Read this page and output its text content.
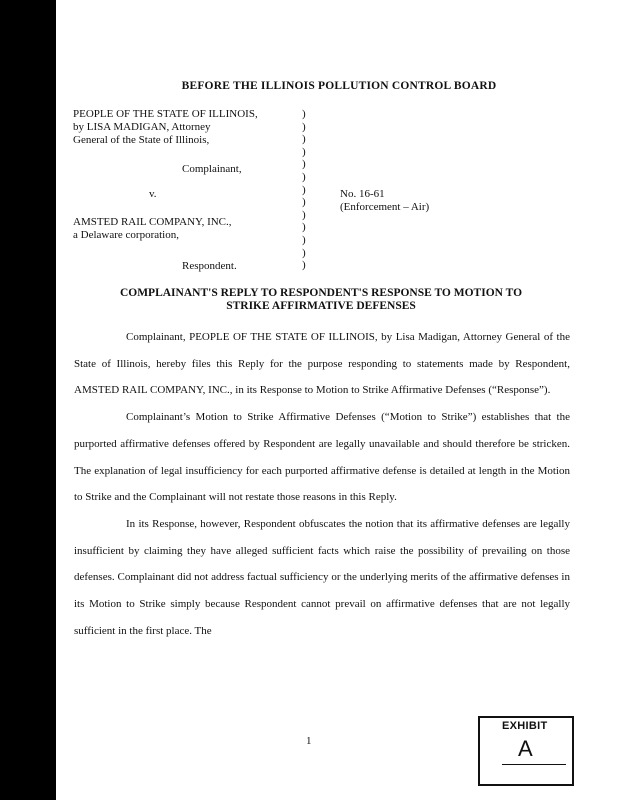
BEFORE THE ILLINOIS POLLUTION CONTROL BOARD
PEOPLE OF THE STATE OF ILLINOIS,
by LISA MADIGAN, Attorney
General of the State of Illinois,
Complainant,
v.
AMSTED RAIL COMPANY, INC.,
a Delaware corporation,
Respondent.
)
)
)
)
)
)
)
)
)
)
)
)
)
No. 16-61
(Enforcement – Air)
COMPLAINANT'S REPLY TO RESPONDENT'S RESPONSE TO MOTION TO
STRIKE AFFIRMATIVE DEFENSES

Complainant, PEOPLE OF THE STATE OF ILLINOIS, by Lisa Madigan, Attorney General of the State of Illinois, hereby files this Reply for the purpose responding to statements made by Respondent, AMSTED RAIL COMPANY, INC., in its Response to Motion to Strike Affirmative Defenses (“Response”).

Complainant’s Motion to Strike Affirmative Defenses (“Motion to Strike”) establishes that the purported affirmative defenses offered by Respondent are legally unavailable and should therefore be stricken. The explanation of legal insufficiency for each purported affirmative defense is detailed at length in the Motion to Strike and the Complainant will not restate those reasons in this Reply.

In its Response, however, Respondent obfuscates the notion that its affirmative defenses are legally insufficient by claiming they have alleged sufficient facts which raise the possibility of prevailing on those defenses. Complainant did not address factual sufficiency or the underlying merits of the affirmative defenses in its Motion to Strike simply because Respondent cannot prevail on affirmative defenses that are not legally sufficient in the first place. The

1
EXHIBIT
A
